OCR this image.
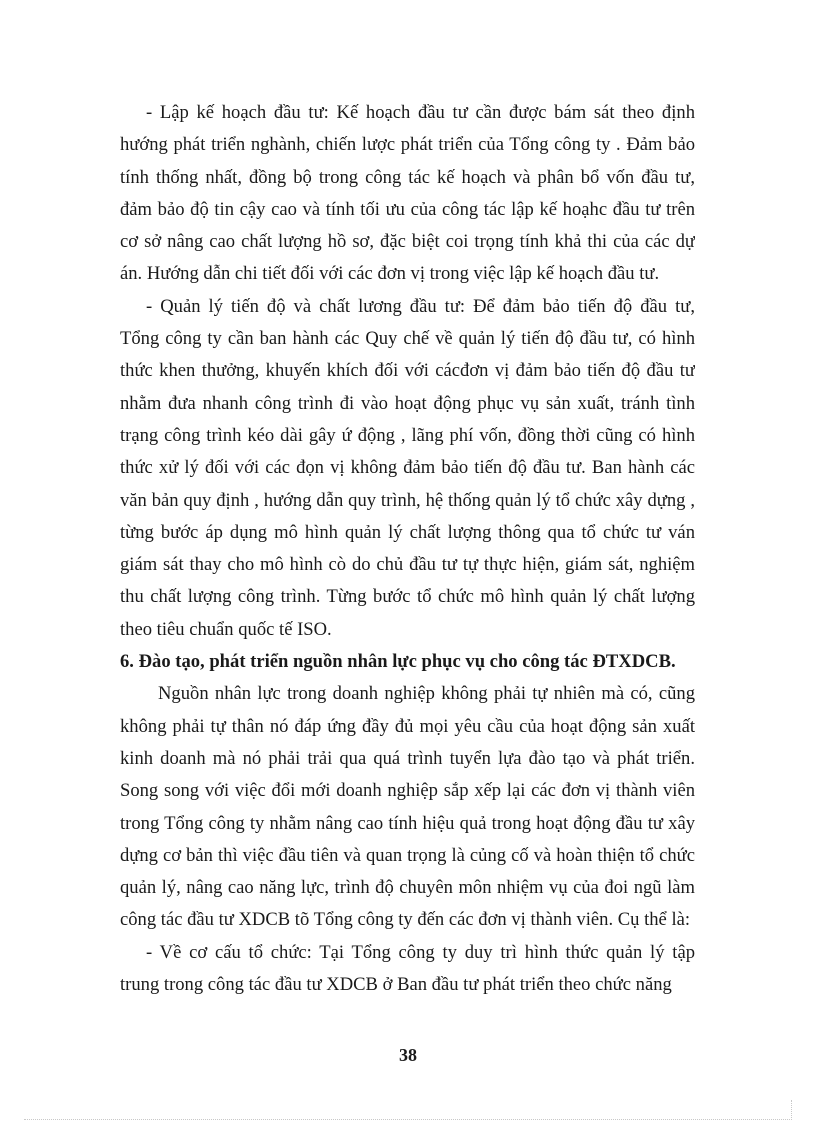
- Lập kế hoạch đầu tư: Kế hoạch đầu tư cần được bám sát theo định
hướng phát triển nghành, chiến lược phát triển của Tổng công ty . Đảm bảo
tính thống nhất, đồng bộ trong công tác kế hoạch và phân bổ vốn đầu tư,
đảm bảo độ tin cậy cao và tính tối ưu của công tác lập kế hoạhc đầu tư trên
cơ sở nâng cao chất lượng hồ sơ, đặc biệt coi trọng tính khả thi của các dự
án. Hướng dẫn chi tiết đối với các đơn vị trong việc lập kế hoạch đầu tư.
- Quản lý tiến độ và chất lương đầu tư: Để đảm bảo tiến độ đầu tư,
Tổng công ty cần ban hành các Quy chế về quản lý tiến độ đầu tư, có hình
thức khen thưởng, khuyến khích đối với cácđơn vị đảm bảo tiến độ đầu tư
nhằm đưa nhanh công trình đi vào hoạt động phục vụ sản xuất, tránh tình
trạng công trình kéo dài gây ứ động , lãng phí vốn, đồng thời cũng có hình
thức xử lý đối với các đọn vị không đảm bảo tiến độ đầu tư. Ban hành các
văn bản quy định , hướng dẫn quy trình, hệ thống quản lý tổ chức xây dựng ,
từng bước áp dụng mô hình quản lý chất lượng thông qua tổ chức tư ván
giám sát thay cho mô hình cò do chủ đầu tư tự thực hiện, giám sát, nghiệm
thu chất lượng công trình. Từng bước tổ chức mô hình quản lý chất lượng
theo tiêu chuẩn quốc tế ISO.
6. Đào tạo, phát triển nguồn nhân lực phục vụ cho công tác ĐTXDCB.
Nguồn nhân lực trong doanh nghiệp không phải tự nhiên mà có, cũng
không phải tự thân nó đáp ứng đầy đủ mọi yêu cầu của hoạt động sản xuất
kinh doanh mà nó phải trải qua quá trình tuyển lựa đào tạo và phát triển.
Song song với việc đổi mới doanh nghiệp sắp xếp lại các đơn vị thành viên
trong Tổng công ty nhằm nâng cao tính hiệu quả trong hoạt động đầu tư xây
dựng cơ bản thì việc đầu tiên và quan trọng là củng cố và hoàn thiện tổ chức
quản lý, nâng cao năng lực, trình độ chuyên môn nhiệm vụ của đoi ngũ làm
công tác đầu tư XDCB tõ Tổng công ty đến các đơn vị thành viên. Cụ thể là:
- Về cơ cấu tổ chức: Tại Tổng công ty duy trì hình thức quản lý tập
trung trong công tác đầu tư XDCB ở Ban đầu tư phát triển theo chức năng
38
